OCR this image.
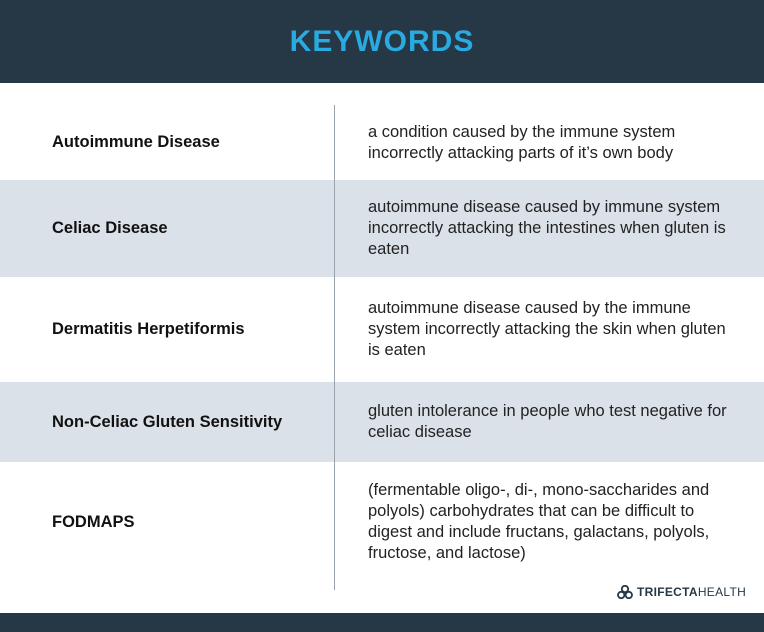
KEYWORDS
Autoimmune Disease
a condition caused by the immune system incorrectly attacking parts of it’s own body
Celiac Disease
autoimmune disease caused by immune system incorrectly attacking the intestines when gluten is eaten
Dermatitis Herpetiformis
autoimmune disease caused by the immune system incorrectly attacking the skin when gluten is eaten
Non-Celiac Gluten Sensitivity
gluten intolerance in people who test negative for celiac disease
FODMAPS
(fermentable oligo-, di-, mono-saccharides and polyols) carbohydrates that can be difficult to digest and include fructans, galactans, polyols, fructose, and lactose)
TRIFECTAHEALTH
